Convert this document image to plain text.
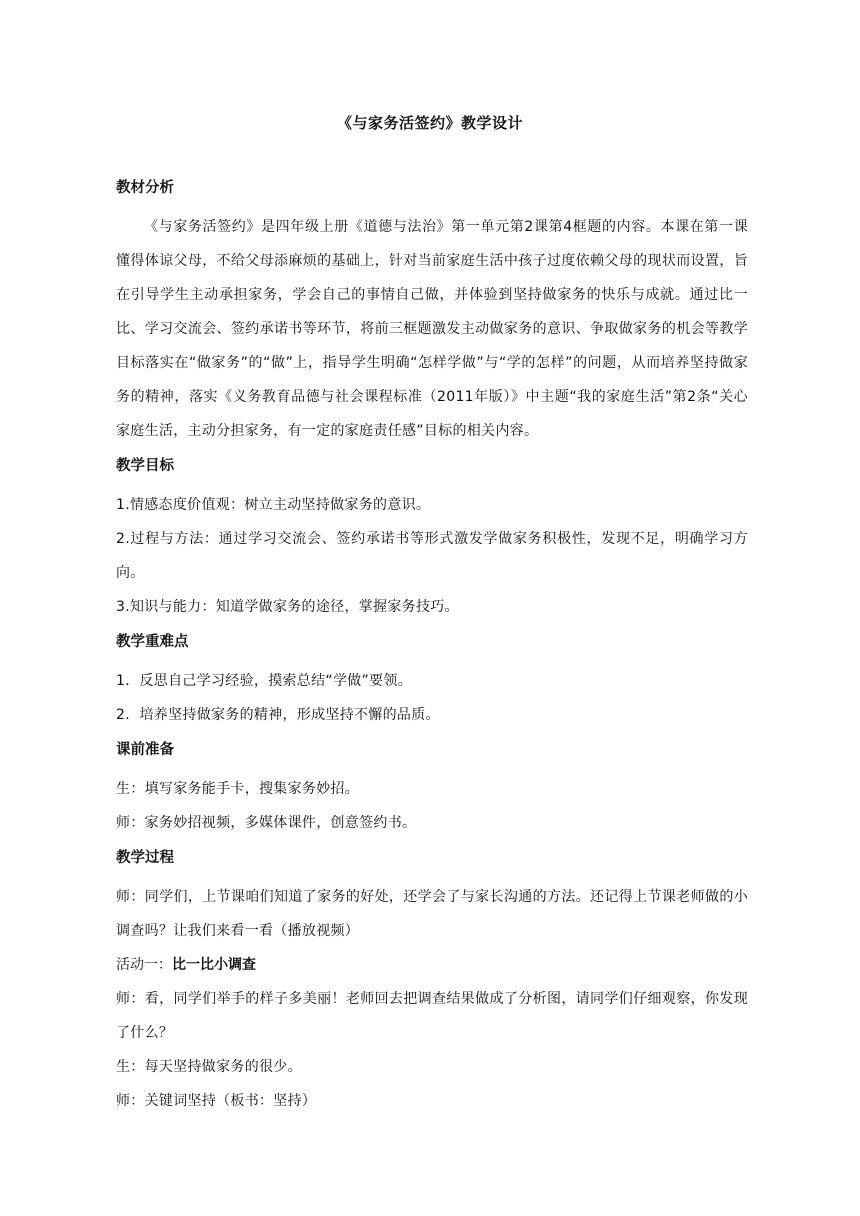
《与家务活签约》教学设计
教材分析

《与家务活签约》是四年级上册《道德与法治》第一单元第2课第4框题的内容。本课在第一课懂得体谅父母，不给父母添麻烦的基础上，针对当前家庭生活中孩子过度依赖父母的现状而设置，旨在引导学生主动承担家务，学会自己的事情自己做，并体验到坚持做家务的快乐与成就。通过比一比、学习交流会、签约承诺书等环节，将前三框题激发主动做家务的意识、争取做家务的机会等教学目标落实在“做家务”的“做”上，指导学生明确“怎样学做”与“学的怎样”的问题，从而培养坚持做家务的精神，落实《义务教育品德与社会课程标准（2011年版）》中主题“我的家庭生活”第2条“关心家庭生活，主动分担家务，有一定的家庭责任感”目标的相关内容。

教学目标

1.情感态度价值观：树立主动坚持做家务的意识。

2.过程与方法：通过学习交流会、签约承诺书等形式激发学做家务积极性，发现不足，明确学习方向。

3.知识与能力：知道学做家务的途径，掌握家务技巧。

教学重难点

1．反思自己学习经验，摸索总结“学做”要领。

2．培养坚持做家务的精神，形成坚持不懈的品质。

课前准备

生：填写家务能手卡，搜集家务妙招。

师：家务妙招视频，多媒体课件，创意签约书。

教学过程

师：同学们，上节课咱们知道了家务的好处，还学会了与家长沟通的方法。还记得上节课老师做的小调查吗？让我们来看一看（播放视频）

活动一：比一比小调查

师：看，同学们举手的样子多美丽！老师回去把调查结果做成了分析图，请同学们仔细观察，你发现了什么？

生：每天坚持做家务的很少。

师：关键词坚持（板书：坚持）
